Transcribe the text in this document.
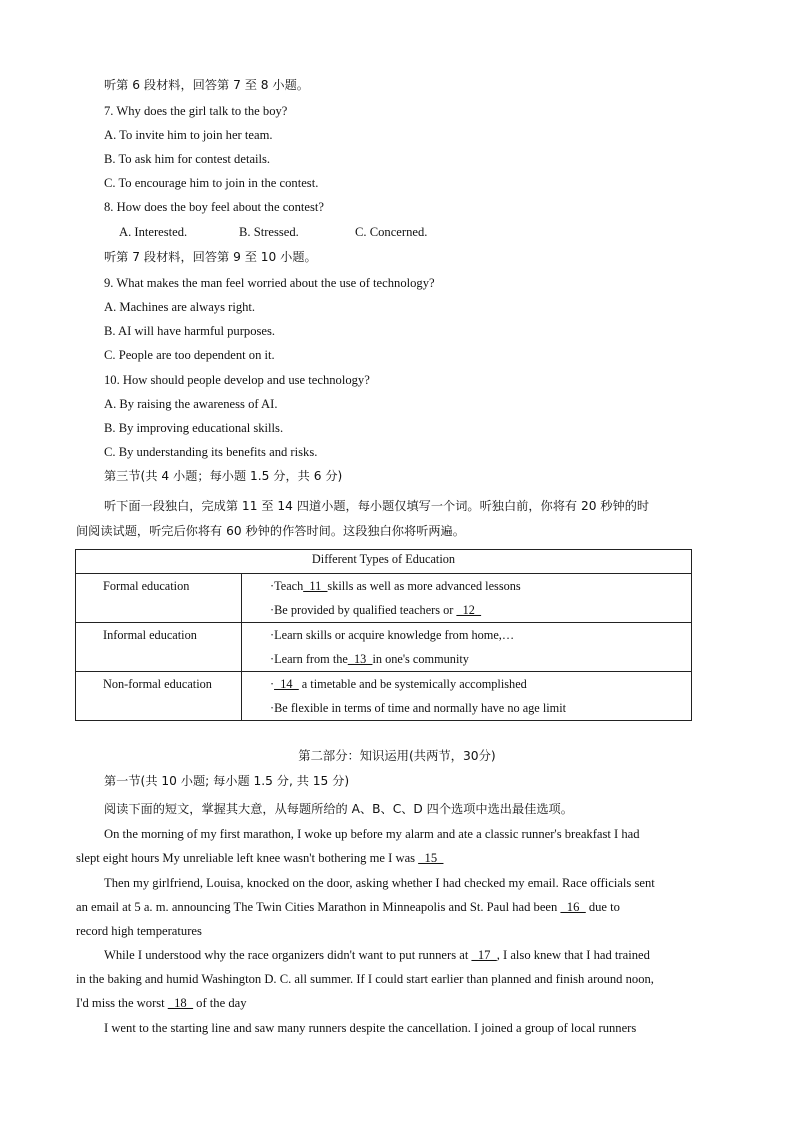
听第 6 段材料，回答第 7 至 8 小题。
7. Why does the girl talk to the boy?
A. To invite him to join her team.
B. To ask him for contest details.
C. To encourage him to join in the contest.
8. How does the boy feel about the contest?
A. Interested.	B. Stressed.	C. Concerned.
听第 7 段材料，回答第 9 至 10 小题。
9. What makes the man feel worried about the use of technology?
A. Machines are always right.
B. AI will have harmful purposes.
C. People are too dependent on it.
10. How should people develop and use technology?
A. By raising the awareness of AI.
B. By improving educational skills.
C. By understanding its benefits and risks.
第三节(共 4 小题；每小题 1.5 分，共 6 分)
听下面一段独白，完成第 11 至 14 四道小题，每小题仅填写一个词。听独白前，你将有 20 秒钟的时
间阅读试题，听完后你将有 60 秒钟的作答时间。这段独白你将听两遍。
Different Types of Education	
Formal education	·Teach_11_skills as well as more advanced lessons
·Be provided by qualified teachers or _12_

Informal education	·Learn skills or acquire knowledge from home,…
·Learn from the_13_in one's community

Non-formal education	·_14_ a timetable and be systemically accomplished
·Be flexible in terms of time and normally have no age limit
第二部分：知识运用(共两节，30分)
第一节(共 10 小题; 每小题 1.5 分, 共 15 分)
阅读下面的短文，掌握其大意，从每题所给的 A、B、C、D 四个选项中选出最佳选项。
On the morning of my first marathon, I woke up before my alarm and ate a classic runner's breakfast I had
slept eight hours My unreliable left knee wasn't bothering me I was _15_
Then my girlfriend, Louisa, knocked on the door, asking whether I had checked my email. Race officials sent
an email at 5 a. m. announcing The Twin Cities Marathon in Minneapolis and St. Paul had been _16_ due to
record high temperatures
While I understood why the race organizers didn't want to put runners at _17_, I also knew that I had trained
in the baking and humid Washington D. C. all summer. If I could start earlier than planned and finish around noon,
I'd miss the worst _18_ of the day
I went to the starting line and saw many runners despite the cancellation. I joined a group of local runners
